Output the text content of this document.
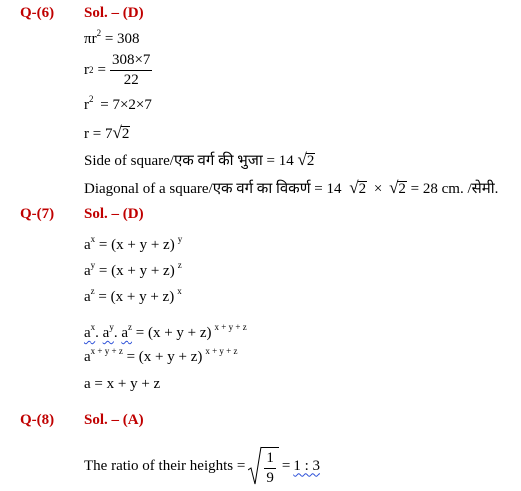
Q-(6) Sol. – (D)
$\pi r^2 = 308$
r $2 = \frac{308\times 7}{22}$
$r^2 = 7\times 2\times 7$
r = 7√2
Side of square/एक वर्ग की भुजा = 14 √2
Diagonal of a square/एक वर्ग का विकर्ण = 14 √2 × √2 = 28 cm. /सेमी.
Q-(7) Sol. – (D)
$a^x = (x + y + z)$ $^y$
$a^y = (x + y + z)$ $^z$
$a^z = (x + y + z)$ $^x$
$a^x$. $a^y$. $a^z = (x + y + z)$ $^{x + y + z}$
$a^{x + y + z} = (x + y + z)$ $^{x + y + z}$
a = x + y + z
Q-(8) Sol. – (A)
The ratio of their heights = $\frac{1}{9} = 1$ : 3
